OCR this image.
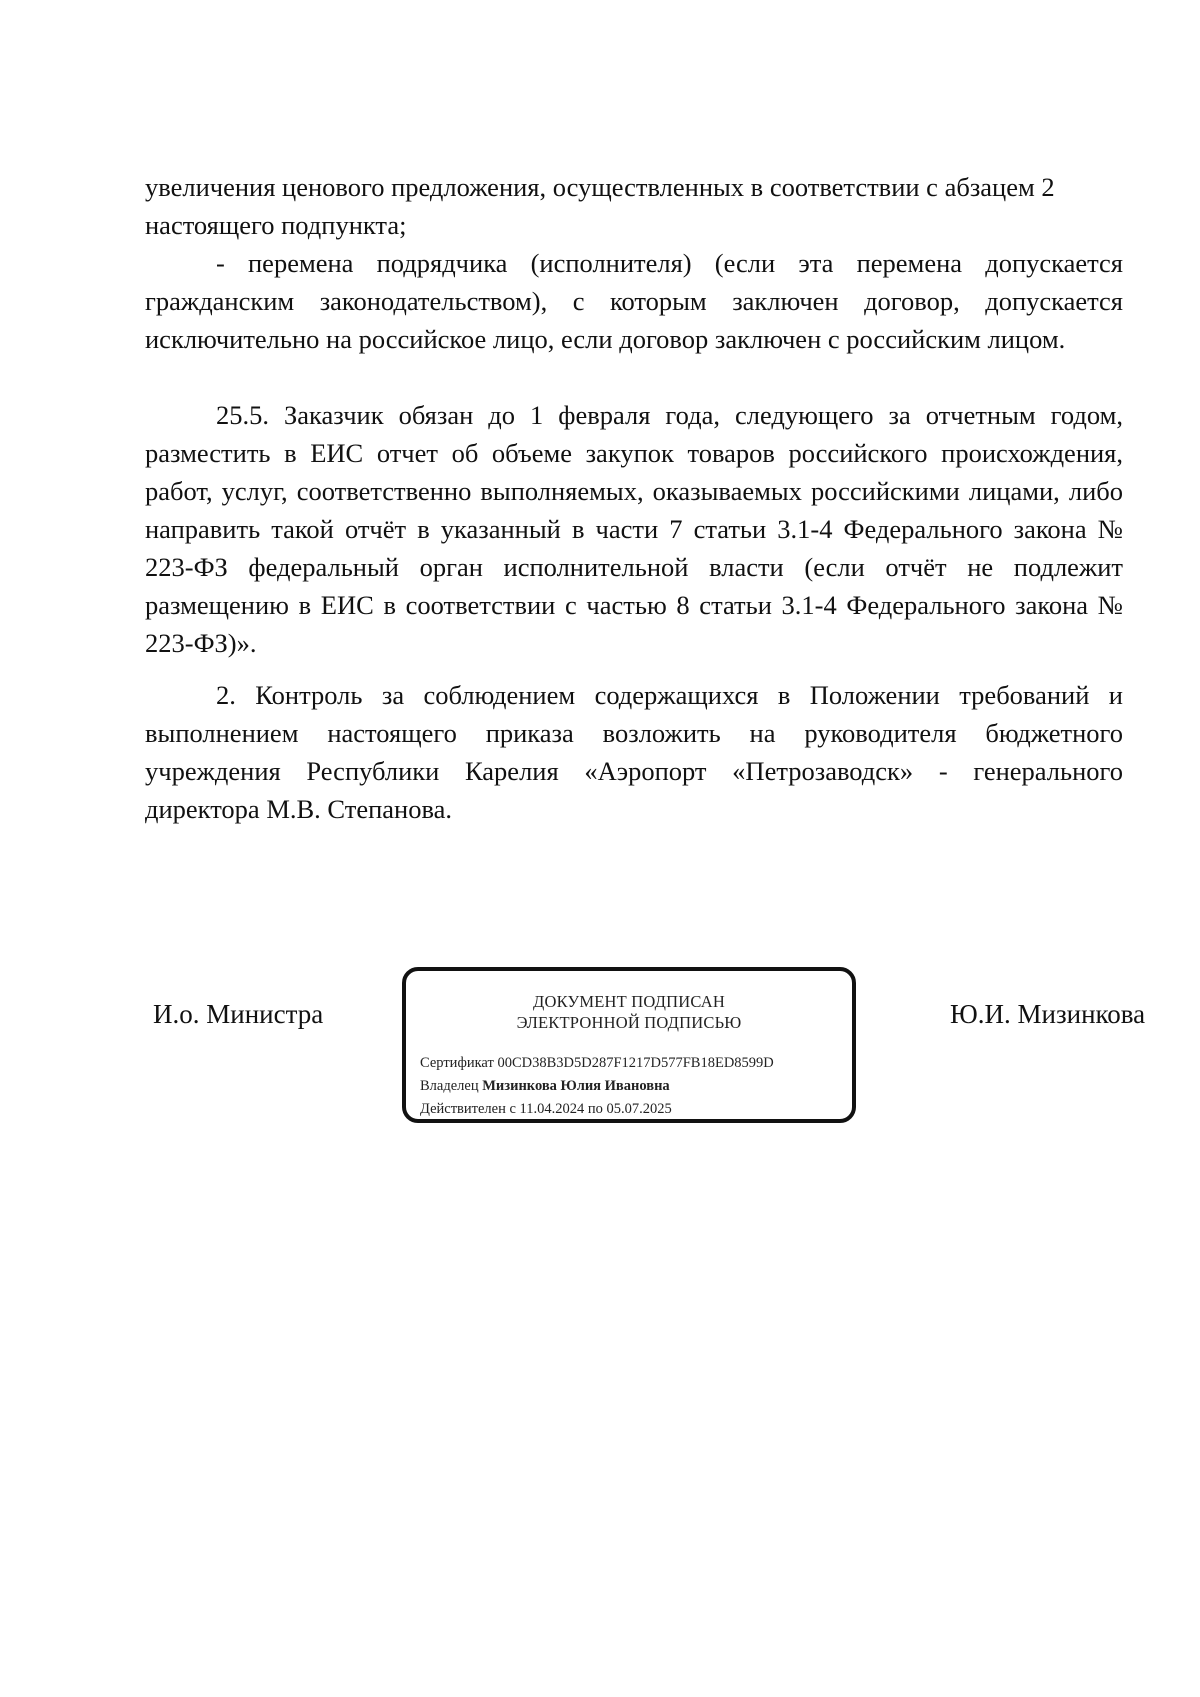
увеличения ценового предложения, осуществленных в соответствии с абзацем 2 настоящего подпункта;

- перемена подрядчика (исполнителя) (если эта перемена допускается гражданским законодательством), с которым заключен договор, допускается исключительно на российское лицо, если договор заключен с российским лицом.

25.5. Заказчик обязан до 1 февраля года, следующего за отчетным годом, разместить в ЕИС отчет об объеме закупок товаров российского происхождения, работ, услуг, соответственно выполняемых, оказываемых российскими лицами, либо направить такой отчёт в указанный в части 7 статьи 3.1-4 Федерального закона № 223-ФЗ федеральный орган исполнительной власти (если отчёт не подлежит размещению в ЕИС в соответствии с частью 8 статьи 3.1-4 Федерального закона № 223-ФЗ)».

2. Контроль за соблюдением содержащихся в Положении требований и выполнением настоящего приказа возложить на руководителя бюджетного учреждения Республики Карелия «Аэропорт «Петрозаводск» - генерального директора М.В. Степанова.

И.о. Министра	ДОКУМЕНТ ПОДПИСАН
ЭЛЕКТРОННОЙ ПОДПИСЬЮ
Сертификат 00CD38B3D5D287F1217D577FB18ED8599D
Владелец Мизинкова Юлия Ивановна
Действителен с 11.04.2024 по 05.07.2025

Ю.И. Мизинкова
